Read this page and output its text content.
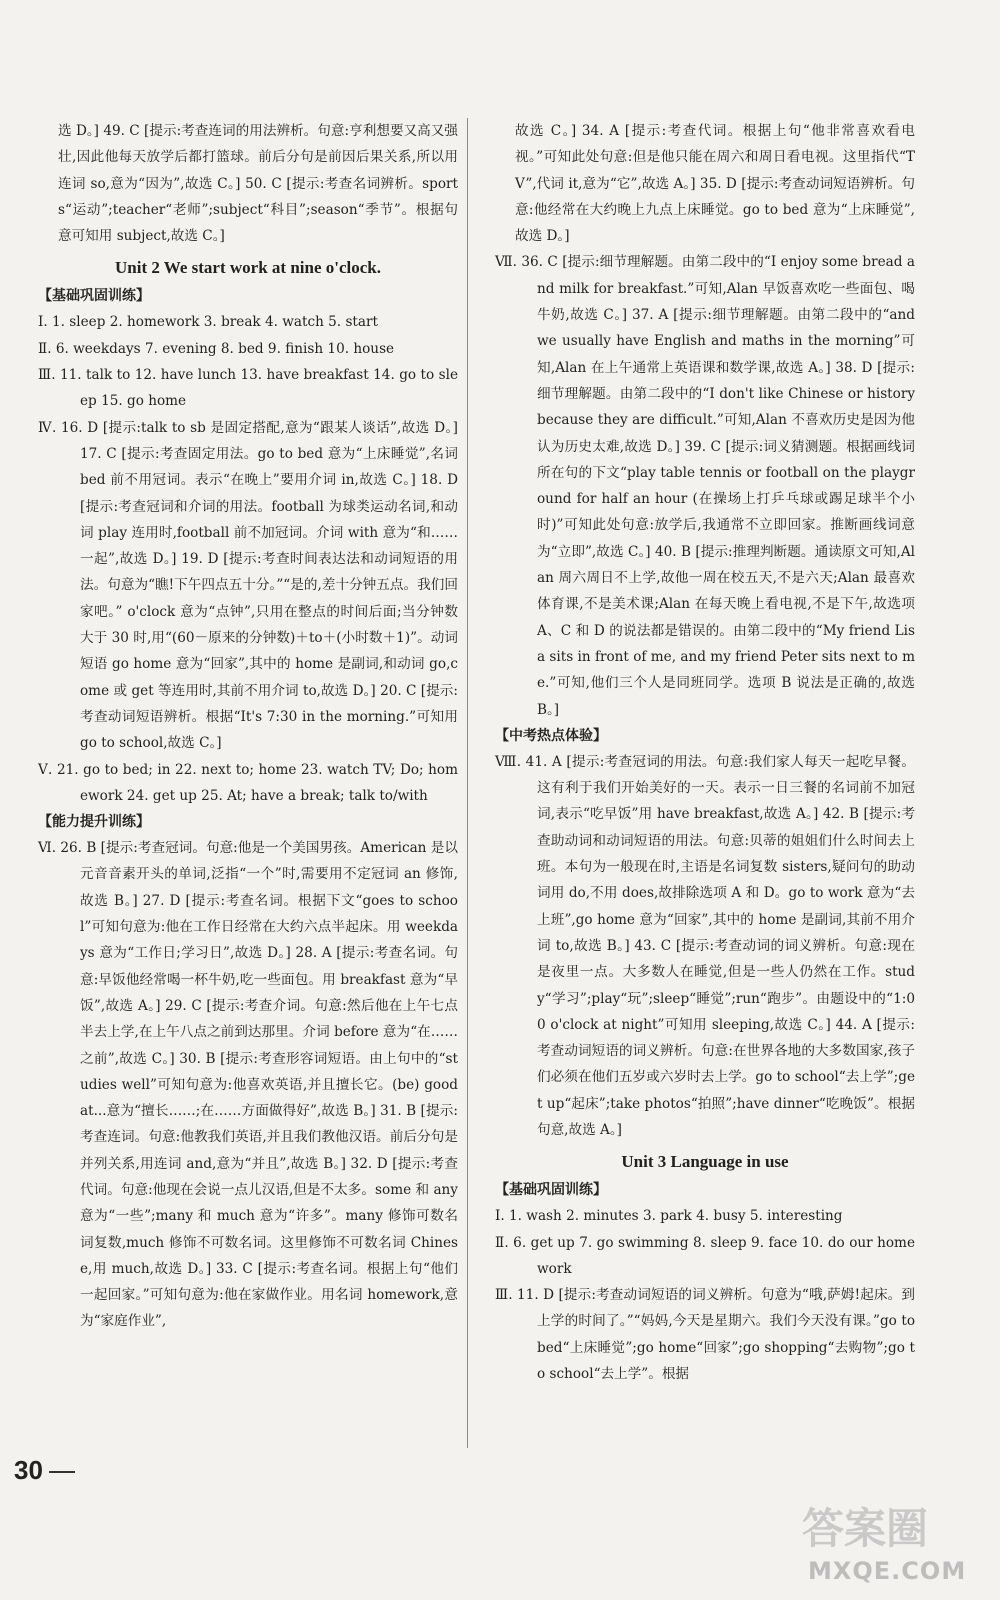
选 D。] 49. C [提示:考查连词的用法辨析。句意:亨利想要又高又强壮,因此他每天放学后都打篮球。前后分句是前因后果关系,所以用连词 so,意为“因为”,故选 C。] 50. C [提示:考查名词辨析。sports“运动”;teacher“老师”;subject“科目”;season“季节”。根据句意可知用 subject,故选 C。]

Unit 2 We start work at nine o'clock.
【基础巩固训练】

Ⅰ. 1. sleep 2. homework 3. break 4. watch 5. start

Ⅱ. 6. weekdays 7. evening 8. bed 9. finish 10. house

Ⅲ. 11. talk to 12. have lunch 13. have breakfast 14. go to sleep 15. go home

Ⅳ. 16. D [提示:talk to sb 是固定搭配,意为“跟某人谈话”,故选 D。] 17. C [提示:考查固定用法。go to bed 意为“上床睡觉”,名词 bed 前不用冠词。表示“在晚上”要用介词 in,故选 C。] 18. D [提示:考查冠词和介词的用法。football 为球类运动名词,和动词 play 连用时,football 前不加冠词。介词 with 意为“和……一起”,故选 D。] 19. D [提示:考查时间表达法和动词短语的用法。句意为“瞧!下午四点五十分。”“是的,差十分钟五点。我们回家吧。” o'clock 意为“点钟”,只用在整点的时间后面;当分钟数大于 30 时,用“(60－原来的分钟数)＋to＋(小时数＋1)”。动词短语 go home 意为“回家”,其中的 home 是副词,和动词 go,come 或 get 等连用时,其前不用介词 to,故选 D。] 20. C [提示:考查动词短语辨析。根据“It's 7:30 in the morning.”可知用 go to school,故选 C。]

Ⅴ. 21. go to bed; in 22. next to; home 23. watch TV; Do; homework 24. get up 25. At; have a break; talk to/with

【能力提升训练】

Ⅵ. 26. B [提示:考查冠词。句意:他是一个美国男孩。American 是以元音音素开头的单词,泛指“一个”时,需要用不定冠词 an 修饰,故选 B。] 27. D [提示:考查名词。根据下文“goes to school”可知句意为:他在工作日经常在大约六点半起床。用 weekdays 意为“工作日;学习日”,故选 D。] 28. A [提示:考查名词。句意:早饭他经常喝一杯牛奶,吃一些面包。用 breakfast 意为“早饭”,故选 A。] 29. C [提示:考查介词。句意:然后他在上午七点半去上学,在上午八点之前到达那里。介词 before 意为“在……之前”,故选 C。] 30. B [提示:考查形容词短语。由上句中的“studies well”可知句意为:他喜欢英语,并且擅长它。(be) good at...意为“擅长……;在……方面做得好”,故选 B。] 31. B [提示:考查连词。句意:他教我们英语,并且我们教他汉语。前后分句是并列关系,用连词 and,意为“并且”,故选 B。] 32. D [提示:考查代词。句意:他现在会说一点儿汉语,但是不太多。some 和 any 意为“一些”;many 和 much 意为“许多”。many 修饰可数名词复数,much 修饰不可数名词。这里修饰不可数名词 Chinese,用 much,故选 D。] 33. C [提示:考查名词。根据上句“他们一起回家。”可知句意为:他在家做作业。用名词 homework,意为“家庭作业”,

故选 C。] 34. A [提示:考查代词。根据上句“他非常喜欢看电视。”可知此处句意:但是他只能在周六和周日看电视。这里指代“TV”,代词 it,意为“它”,故选 A。] 35. D [提示:考查动词短语辨析。句意:他经常在大约晚上九点上床睡觉。go to bed 意为“上床睡觉”,故选 D。]

Ⅶ. 36. C [提示:细节理解题。由第二段中的“I enjoy some bread and milk for breakfast.”可知,Alan 早饭喜欢吃一些面包、喝牛奶,故选 C。] 37. A [提示:细节理解题。由第二段中的“and we usually have English and maths in the morning”可知,Alan 在上午通常上英语课和数学课,故选 A。] 38. D [提示:细节理解题。由第二段中的“I don't like Chinese or history because they are difficult.”可知,Alan 不喜欢历史是因为他认为历史太难,故选 D。] 39. C [提示:词义猜测题。根据画线词所在句的下文“play table tennis or football on the playground for half an hour (在操场上打乒乓球或踢足球半个小时)”可知此处句意:放学后,我通常不立即回家。推断画线词意为“立即”,故选 C。] 40. B [提示:推理判断题。通读原文可知,Alan 周六周日不上学,故他一周在校五天,不是六天;Alan 最喜欢体育课,不是美术课;Alan 在每天晚上看电视,不是下午,故选项 A、C 和 D 的说法都是错误的。由第二段中的“My friend Lisa sits in front of me, and my friend Peter sits next to me.”可知,他们三个人是同班同学。选项 B 说法是正确的,故选 B。]

【中考热点体验】

Ⅷ. 41. A [提示:考查冠词的用法。句意:我们家人每天一起吃早餐。这有利于我们开始美好的一天。表示一日三餐的名词前不加冠词,表示“吃早饭”用 have breakfast,故选 A。] 42. B [提示:考查助动词和动词短语的用法。句意:贝蒂的姐姐们什么时间去上班。本句为一般现在时,主语是名词复数 sisters,疑问句的助动词用 do,不用 does,故排除选项 A 和 D。go to work 意为“去上班”,go home 意为“回家”,其中的 home 是副词,其前不用介词 to,故选 B。] 43. C [提示:考查动词的词义辨析。句意:现在是夜里一点。大多数人在睡觉,但是一些人仍然在工作。study“学习”;play“玩”;sleep“睡觉”;run“跑步”。由题设中的“1:00 o'clock at night”可知用 sleeping,故选 C。] 44. A [提示:考查动词短语的词义辨析。句意:在世界各地的大多数国家,孩子们必须在他们五岁或六岁时去上学。go to school“去上学”;get up“起床”;take photos“拍照”;have dinner“吃晚饭”。根据句意,故选 A。]

Unit 3 Language in use
【基础巩固训练】

Ⅰ. 1. wash 2. minutes 3. park 4. busy 5. interesting

Ⅱ. 6. get up 7. go swimming 8. sleep 9. face 10. do our homework

Ⅲ. 11. D [提示:考查动词短语的词义辨析。句意为“哦,萨姆!起床。到上学的时间了。”“妈妈,今天是星期六。我们今天没有课。”go to bed“上床睡觉”;go home“回家”;go shopping“去购物”;go to school“去上学”。根据

30
答案圈
MXQE.COM
